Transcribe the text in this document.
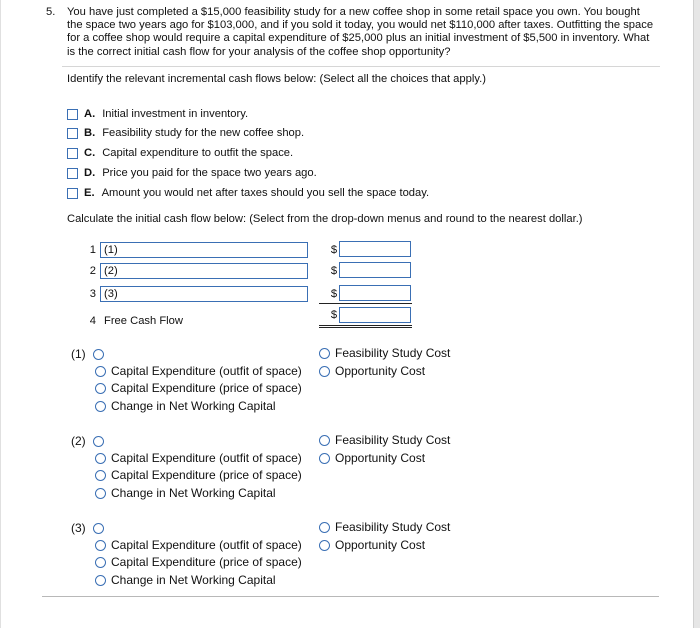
5. You have just completed a $15,000 feasibility study for a new coffee shop in some retail space you own. You bought the space two years ago for $103,000, and if you sold it today, you would net $110,000 after taxes. Outfitting the space for a coffee shop would require a capital expenditure of $25,000 plus an initial investment of $5,500 in inventory. What is the correct initial cash flow for your analysis of the coffee shop opportunity?
Identify the relevant incremental cash flows below: (Select all the choices that apply.)
A. Initial investment in inventory.
B. Feasibility study for the new coffee shop.
C. Capital expenditure to outfit the space.
D. Price you paid for the space two years ago.
E. Amount you would net after taxes should you sell the space today.
Calculate the initial cash flow below: (Select from the drop-down menus and round to the nearest dollar.)
1 (1)	$
2 (2)	$
3 (3)	$
4 Free Cash Flow	$
(1)
Capital Expenditure (outfit of space)
Capital Expenditure (price of space)
Change in Net Working Capital
Feasibility Study Cost
Opportunity Cost
(2)
Capital Expenditure (outfit of space)
Capital Expenditure (price of space)
Change in Net Working Capital
Feasibility Study Cost
Opportunity Cost
(3)
Capital Expenditure (outfit of space)
Capital Expenditure (price of space)
Change in Net Working Capital
Feasibility Study Cost
Opportunity Cost
